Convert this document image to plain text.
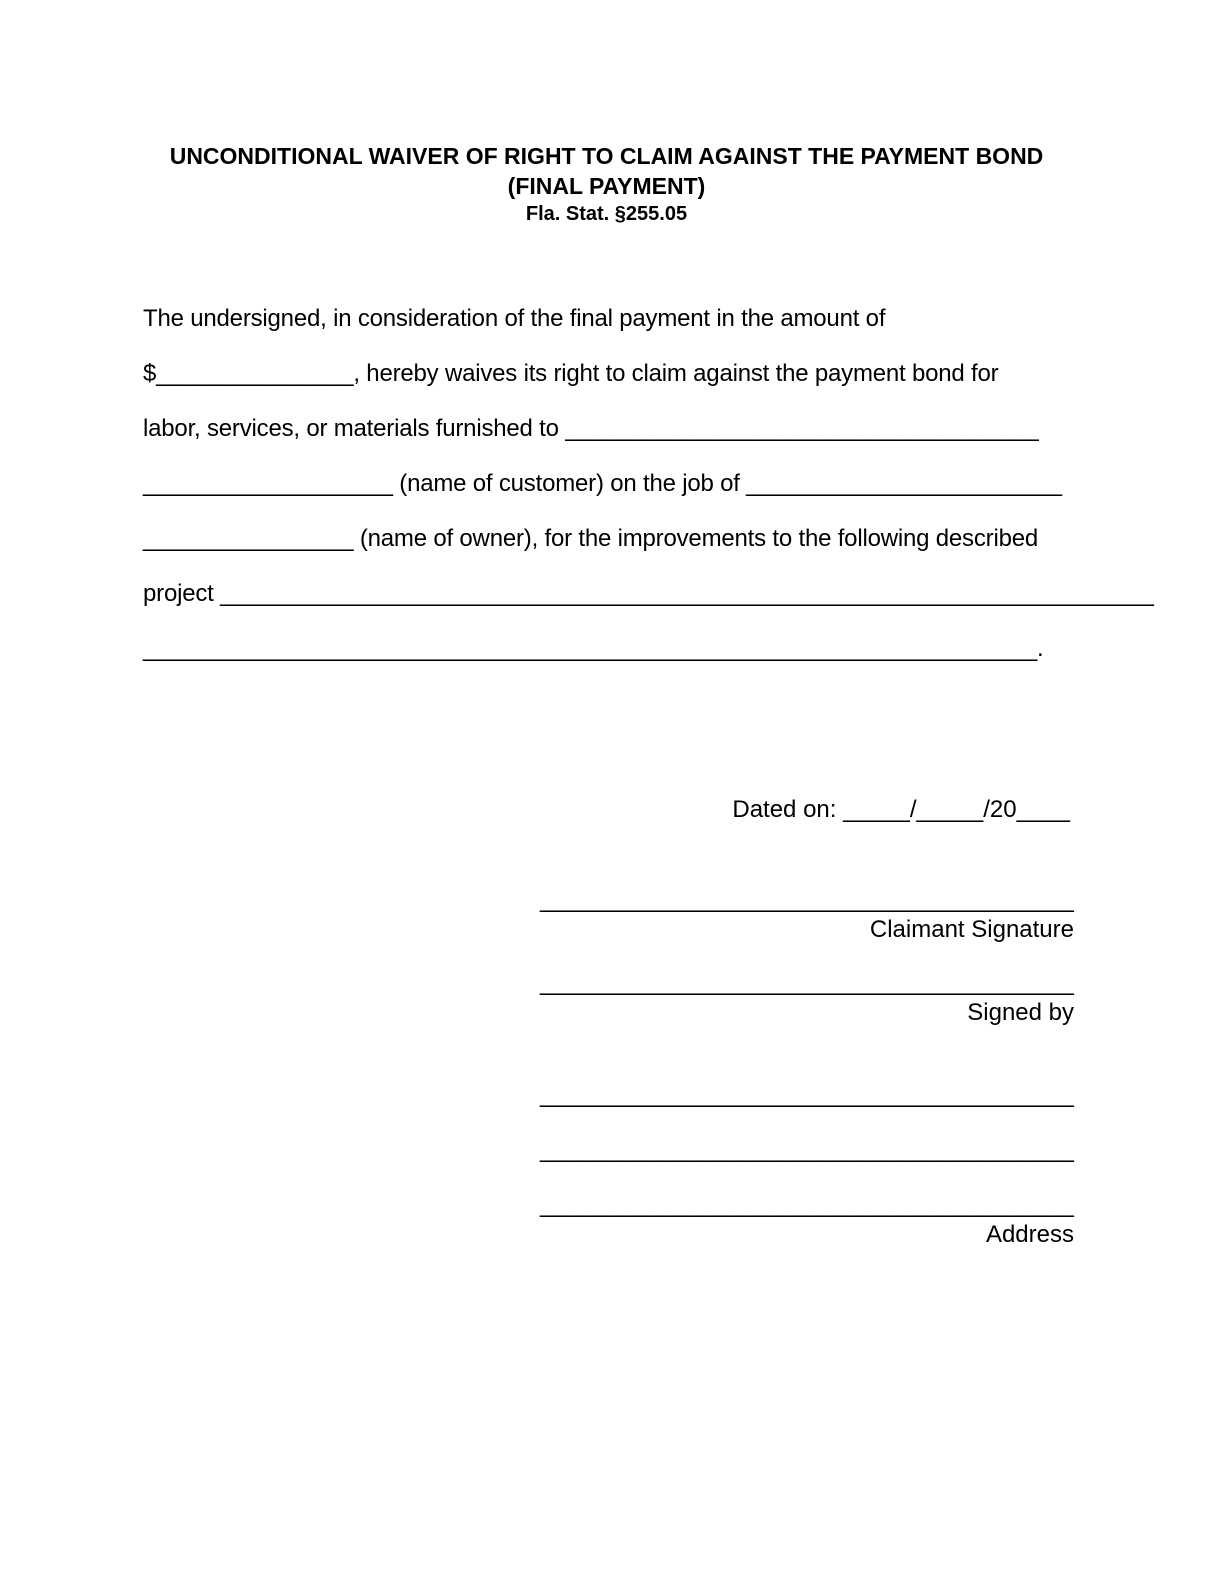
UNCONDITIONAL WAIVER OF RIGHT TO CLAIM AGAINST THE PAYMENT BOND
(FINAL PAYMENT)
Fla. Stat. §255.05
The undersigned, in consideration of the final payment in the amount of
$_______________, hereby waives its right to claim against the payment bond for
labor, services, or materials furnished to ____________________________________
___________________ (name of customer) on the job of ________________________
________________ (name of owner), for the improvements to the following described
project _______________________________________________________________________
____________________________________________________________________.
Dated on: _____/_____/20____
________________________________________
Claimant Signature
________________________________________
Signed by
________________________________________
________________________________________
________________________________________
Address
